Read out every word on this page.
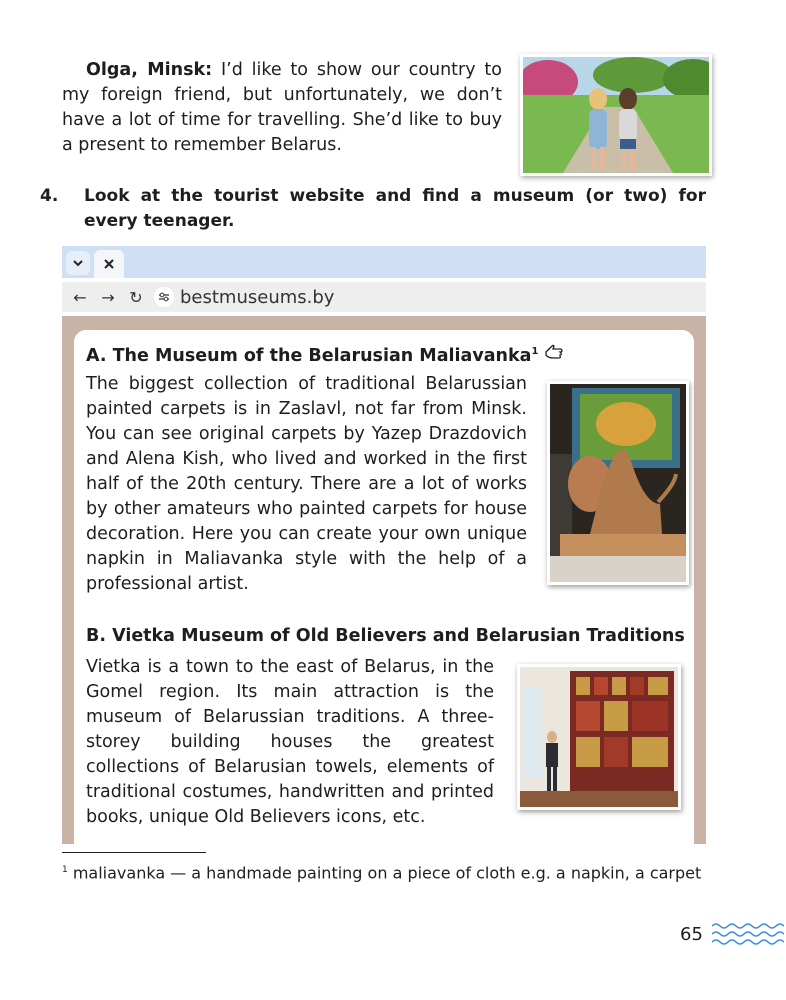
Olga, Minsk: I’d like to show our country to my foreign friend, but unfortunately, we don’t have a lot of time for travelling. She’d like to buy a present to remember Belarus.

4. Look at the tourist website and find a museum (or two) for every teenager.
← → ↻	bestmuseums.by
A. The Museum of the Belarusian Maliavanka$^1$
The biggest collection of traditional Belarussian painted carpets is in Zaslavl, not far from Minsk. You can see original carpets by Yazep Drazdovich and Alena Kish, who lived and worked in the first half of the 20th century. There are a lot of works by other amateurs who painted carpets for house decoration. Here you can create your own unique napkin in Maliavanka style with the help of a professional artist.
B. Vietka Museum of Old Believers and Belarusian Traditions
Vietka is a town to the east of Belarus, in the Gomel region. Its main attraction is the museum of Belarussian traditions. A three-storey building houses the greatest collections of Belarusian towels, elements of traditional costumes, handwritten and printed books, unique Old Believers icons, etc.
$^1$ maliavanka — a handmade painting on a piece of cloth e.g. a napkin, a carpet
65
